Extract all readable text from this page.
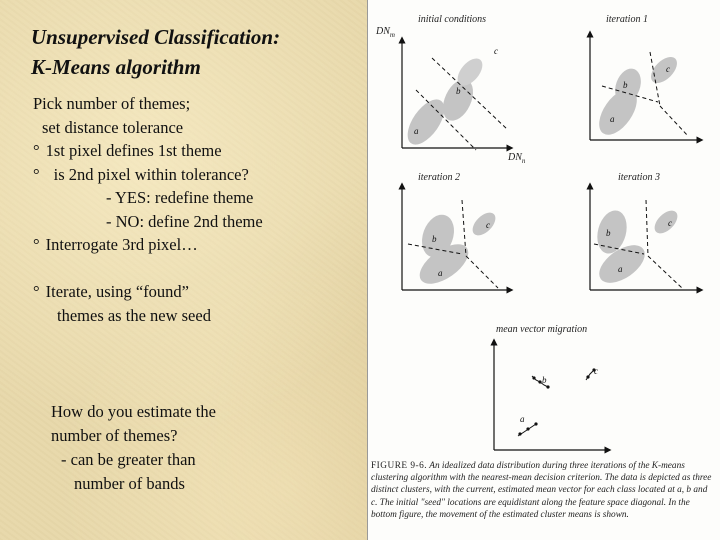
Unsupervised Classification:
K-Means algorithm
Pick number of themes;
set distance tolerance
° 1st pixel defines 1st theme
° is 2nd pixel within tolerance?
- YES: redefine theme
- NO: define 2nd theme
° Interrogate 3rd pixel…
° Iterate, using “found”
themes as the new seed
How do you estimate the
number of themes?
- can be greater than
number of bands
initial conditions
$DN_m$
$DN_n$
c
b
a
iteration 1
c
b
a
iteration 2
c
b
a
iteration 3
c
b
a
mean vector migration
b
c
a
FIGURE 9-6. An idealized data distribution during three iterations of the K-means clustering algorithm with the nearest-mean decision criterion. The data is depicted as three distinct clusters, with the current, estimated mean vector for each class located at a, b and c. The initial "seed" locations are equidistant along the feature space diagonal. In the bottom figure, the movement of the estimated cluster means is shown.
